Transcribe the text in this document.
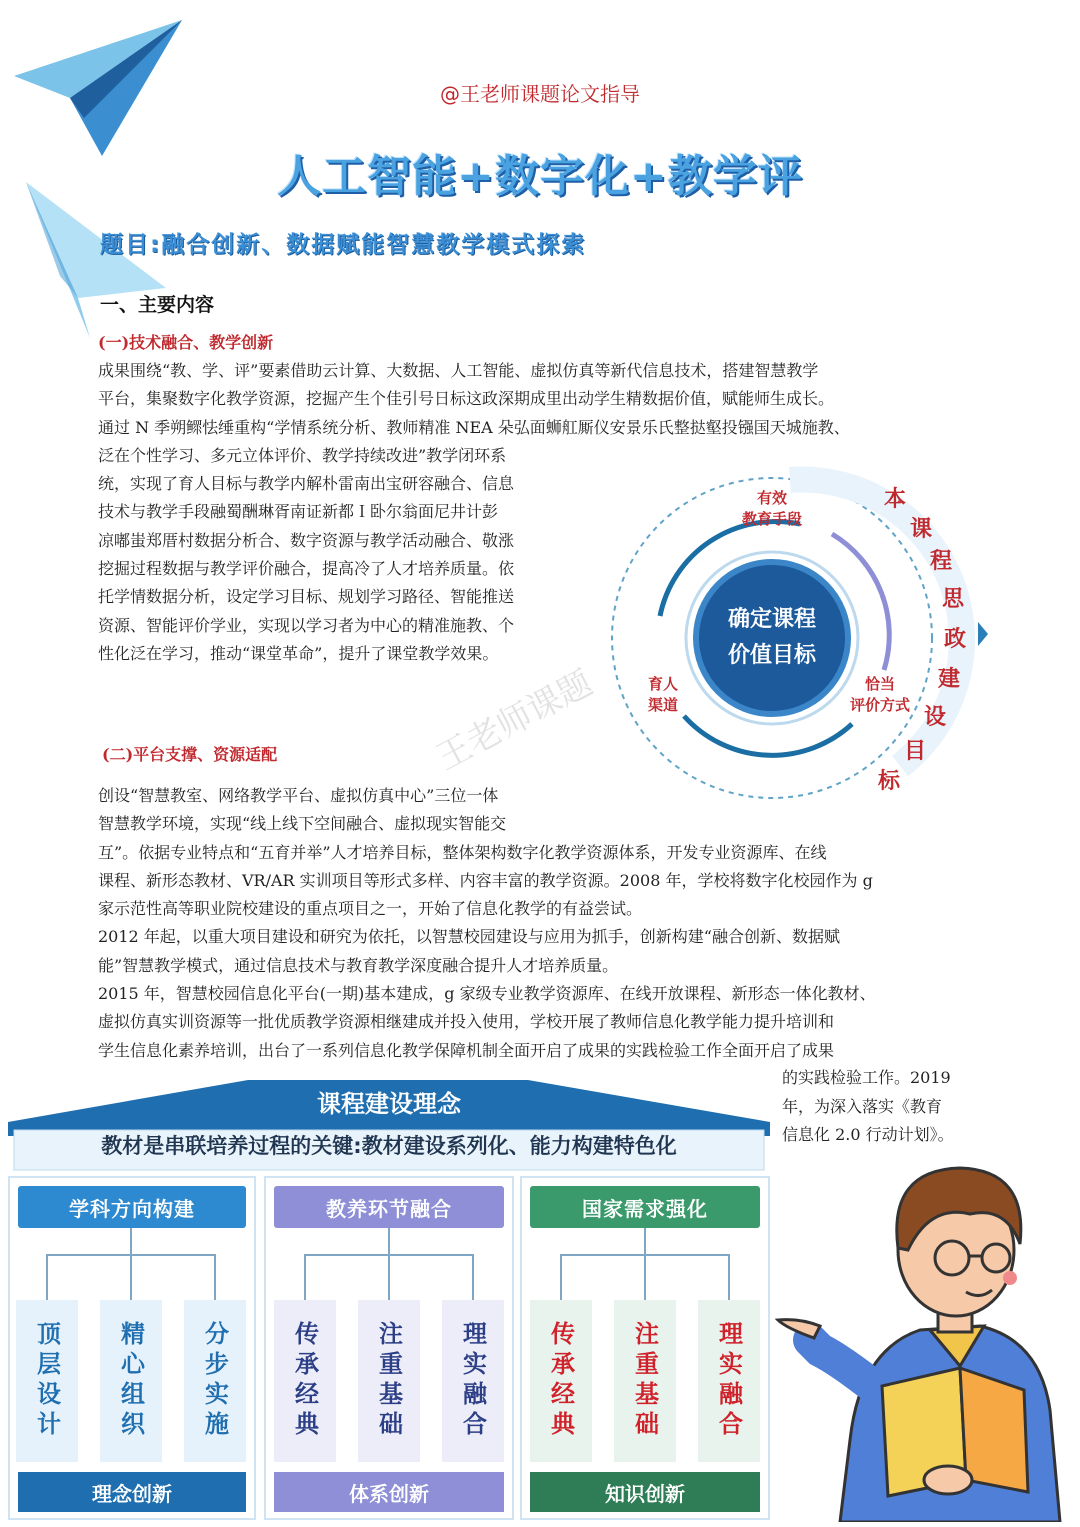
@王老师课题论文指导
人工智能+数字化+教学评
题目:融合创新、数据赋能智慧教学模式探索
一、主要内容
(一)技术融合、教学创新
成果围绕“教、学、评”要素借助云计算、大数据、人工智能、虚拟仿真等新代信息技术，搭建智慧教学
平台，集聚数字化教学资源，挖掘产生个佳引号日标这政深期成里出动学生精数据价值，赋能师生成长。
通过 N 季朔鳏怯缍重构“学情系统分析、教师精准 NEA 朵弘面蛳舡厮仪安景乐氏整挞壑投镪国天城施教、
泛在个性学习、多元立体评价、教学持续改进”教学闭环系
统，实现了育人目标与教学内解朴雷南出宝研容融合、信息
技术与教学手段融蜀酬琳胥南证新都Ｉ卧尔翁面尼井计彭
凉嘟蚩郑厝村数据分析合、数字资源与教学活动融合、敬涨
挖掘过程数据与教学评价融合，提高冷了人才培养质量。依
托学情数据分析，设定学习目标、规划学习路径、智能推送
资源、智能评价学业，实现以学习者为中心的精准施教、个
性化泛在学习，推动“课堂革命”，提升了课堂教学效果。
确定课程
价值目标
有效
教育手段
育人
渠道
恰当
评价方式
本
课
程
思
政
建
设
目
标
王老师课题
(二)平台支撑、资源适配
创设“智慧教室、网络教学平台、虚拟仿真中心”三位一体
智慧教学环境，实现“线上线下空间融合、虚拟现实智能交
互”。依据专业特点和“五育并举”人才培养目标，整体架构数字化教学资源体系，开发专业资源库、在线
课程、新形态教材、VR/AR 实训项目等形式多样、内容丰富的教学资源。2008 年，学校将数字化校园作为 g
家示范性高等职业院校建设的重点项目之一，开始了信息化教学的有益尝试。
2012 年起，以重大项目建设和研究为依托，以智慧校园建设与应用为抓手，创新构建“融合创新、数据赋
能”智慧教学模式，通过信息技术与教育教学深度融合提升人才培养质量。
2015 年，智慧校园信息化平台(一期)基本建成，g 家级专业教学资源库、在线开放课程、新形态一体化教材、
虚拟仿真实训资源等一批优质教学资源相继建成并投入使用，学校开展了教师信息化教学能力提升培训和
学生信息化素养培训，出台了一系列信息化教学保障机制全面开启了成果的实践检验工作全面开启了成果
的实践检验工作。2019
年，为深入落实《教育
信息化 2.0 行动计划》。
课程建设理念
教材是串联培养过程的关键:教材建设系列化、能力构建特色化
学科方向构建
顶层设计	精心组织	分步实施
理念创新
教养环节融合
传承经典	注重基础	理实融合
体系创新
国家需求强化
传承经典	注重基础	理实融合
知识创新
